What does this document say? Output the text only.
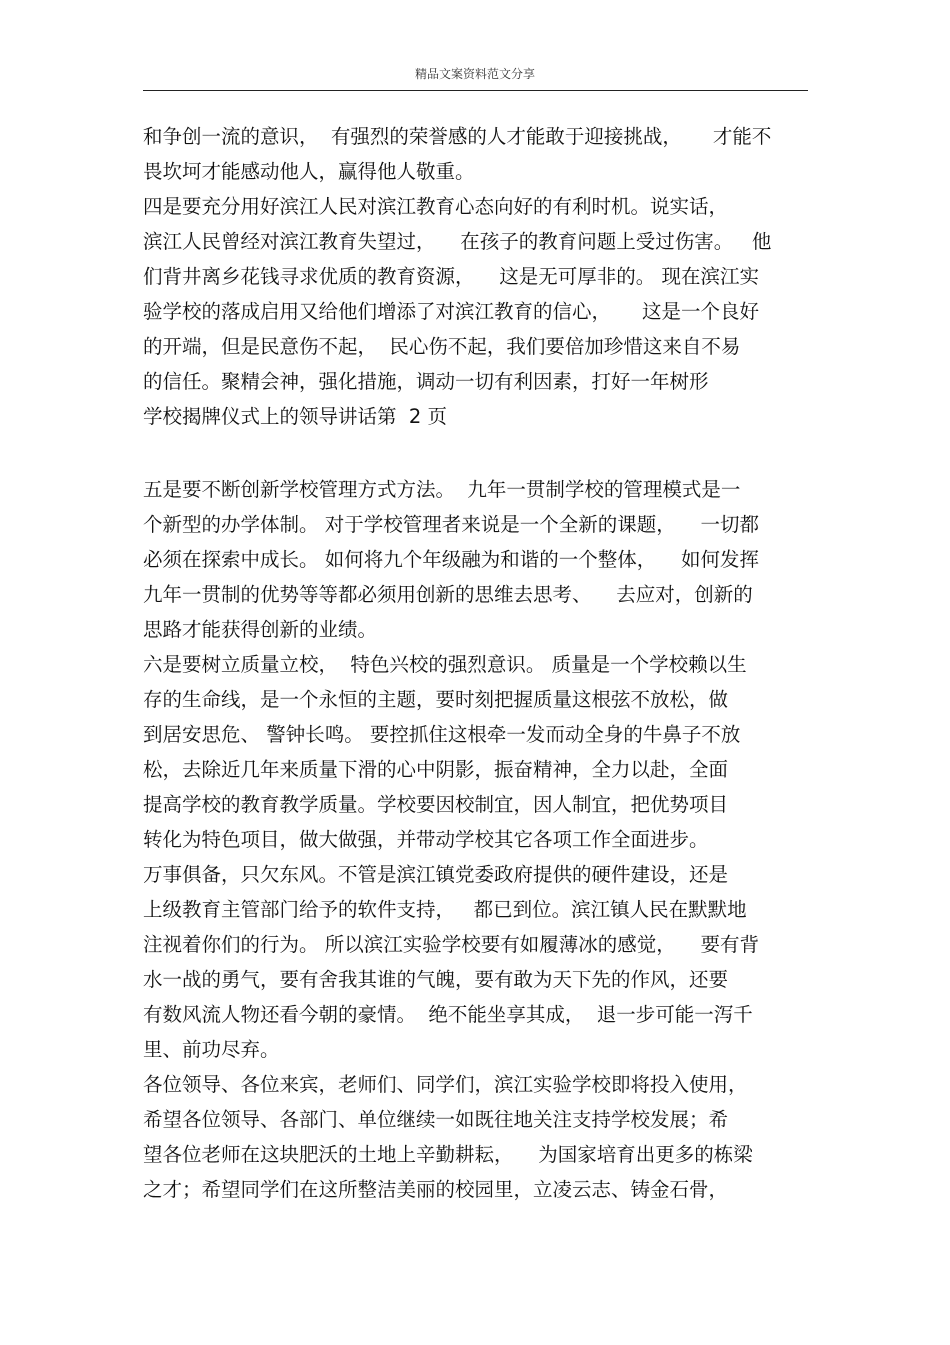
精品文案资料范文分享
和争创一流的意识，  有强烈的荣誉感的人才能敢于迎接挑战，     才能不
畏坎坷才能感动他人，赢得他人敬重。
四是要充分用好滨江人民对滨江教育心态向好的有利时机。说实话，
滨江人民曾经对滨江教育失望过，    在孩子的教育问题上受过伤害。   他
们背井离乡花钱寻求优质的教育资源，    这是无可厚非的。 现在滨江实
验学校的落成启用又给他们增添了对滨江教育的信心，     这是一个良好
的开端，但是民意伤不起，  民心伤不起，我们要倍加珍惜这来自不易
的信任。聚精会神，强化措施，调动一切有利因素，打好一年树形
学校揭牌仪式上的领导讲话第  2 页
五是要不断创新学校管理方式方法。  九年一贯制学校的管理模式是一
个新型的办学体制。 对于学校管理者来说是一个全新的课题，    一切都
必须在探索中成长。 如何将九个年级融为和谐的一个整体，    如何发挥
九年一贯制的优势等等都必须用创新的思维去思考、    去应对，创新的
思路才能获得创新的业绩。
六是要树立质量立校，  特色兴校的强烈意识。 质量是一个学校赖以生
存的生命线，是一个永恒的主题，要时刻把握质量这根弦不放松，做
到居安思危、 警钟长鸣。 要控抓住这根牵一发而动全身的牛鼻子不放
松，去除近几年来质量下滑的心中阴影，振奋精神，全力以赴，全面
提高学校的教育教学质量。学校要因校制宜，因人制宜，把优势项目
转化为特色项目，做大做强，并带动学校其它各项工作全面进步。
万事俱备，只欠东风。不管是滨江镇党委政府提供的硬件建设，还是
上级教育主管部门给予的软件支持，   都已到位。滨江镇人民在默默地
注视着你们的行为。 所以滨江实验学校要有如履薄冰的感觉，    要有背
水一战的勇气，要有舍我其谁的气魄，要有敢为天下先的作风，还要
有数风流人物还看今朝的豪情。  绝不能坐享其成，  退一步可能一泻千
里、前功尽弃。
各位领导、各位来宾，老师们、同学们，滨江实验学校即将投入使用，
希望各位领导、各部门、单位继续一如既往地关注支持学校发展；希
望各位老师在这块肥沃的土地上辛勤耕耘，    为国家培育出更多的栋梁
之才；希望同学们在这所整洁美丽的校园里，立凌云志、铸金石骨，
